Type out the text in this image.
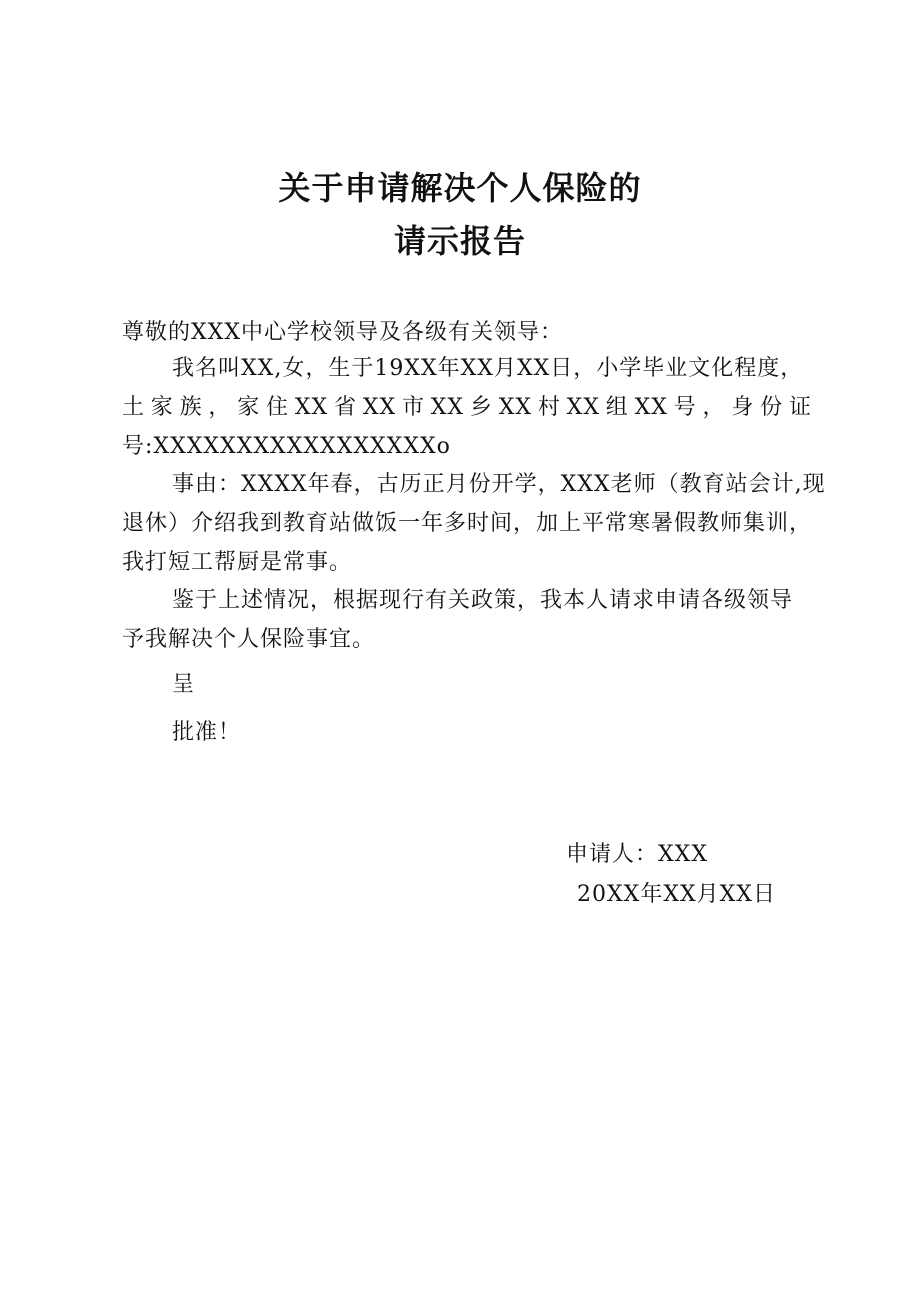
关于申请解决个人保险的
请示报告
尊敬的XXX中心学校领导及各级有关领导：
我名叫XX,女，生于19XX年XX月XX日，小学毕业文化程度，
土家族，家住XX省XX市XX乡XX村XX组XX号，身份证
号:XXXXXXXXXXXXXXXXXo
事由：XXXX年春，古历正月份开学，XXX老师（教育站会计,现
退休）介绍我到教育站做饭一年多时间，加上平常寒暑假教师集训，
我打短工帮厨是常事。
鉴于上述情况，根据现行有关政策，我本人请求申请各级领导
予我解决个人保险事宜。
呈
批准！
申请人：XXX
20XX年XX月XX日
